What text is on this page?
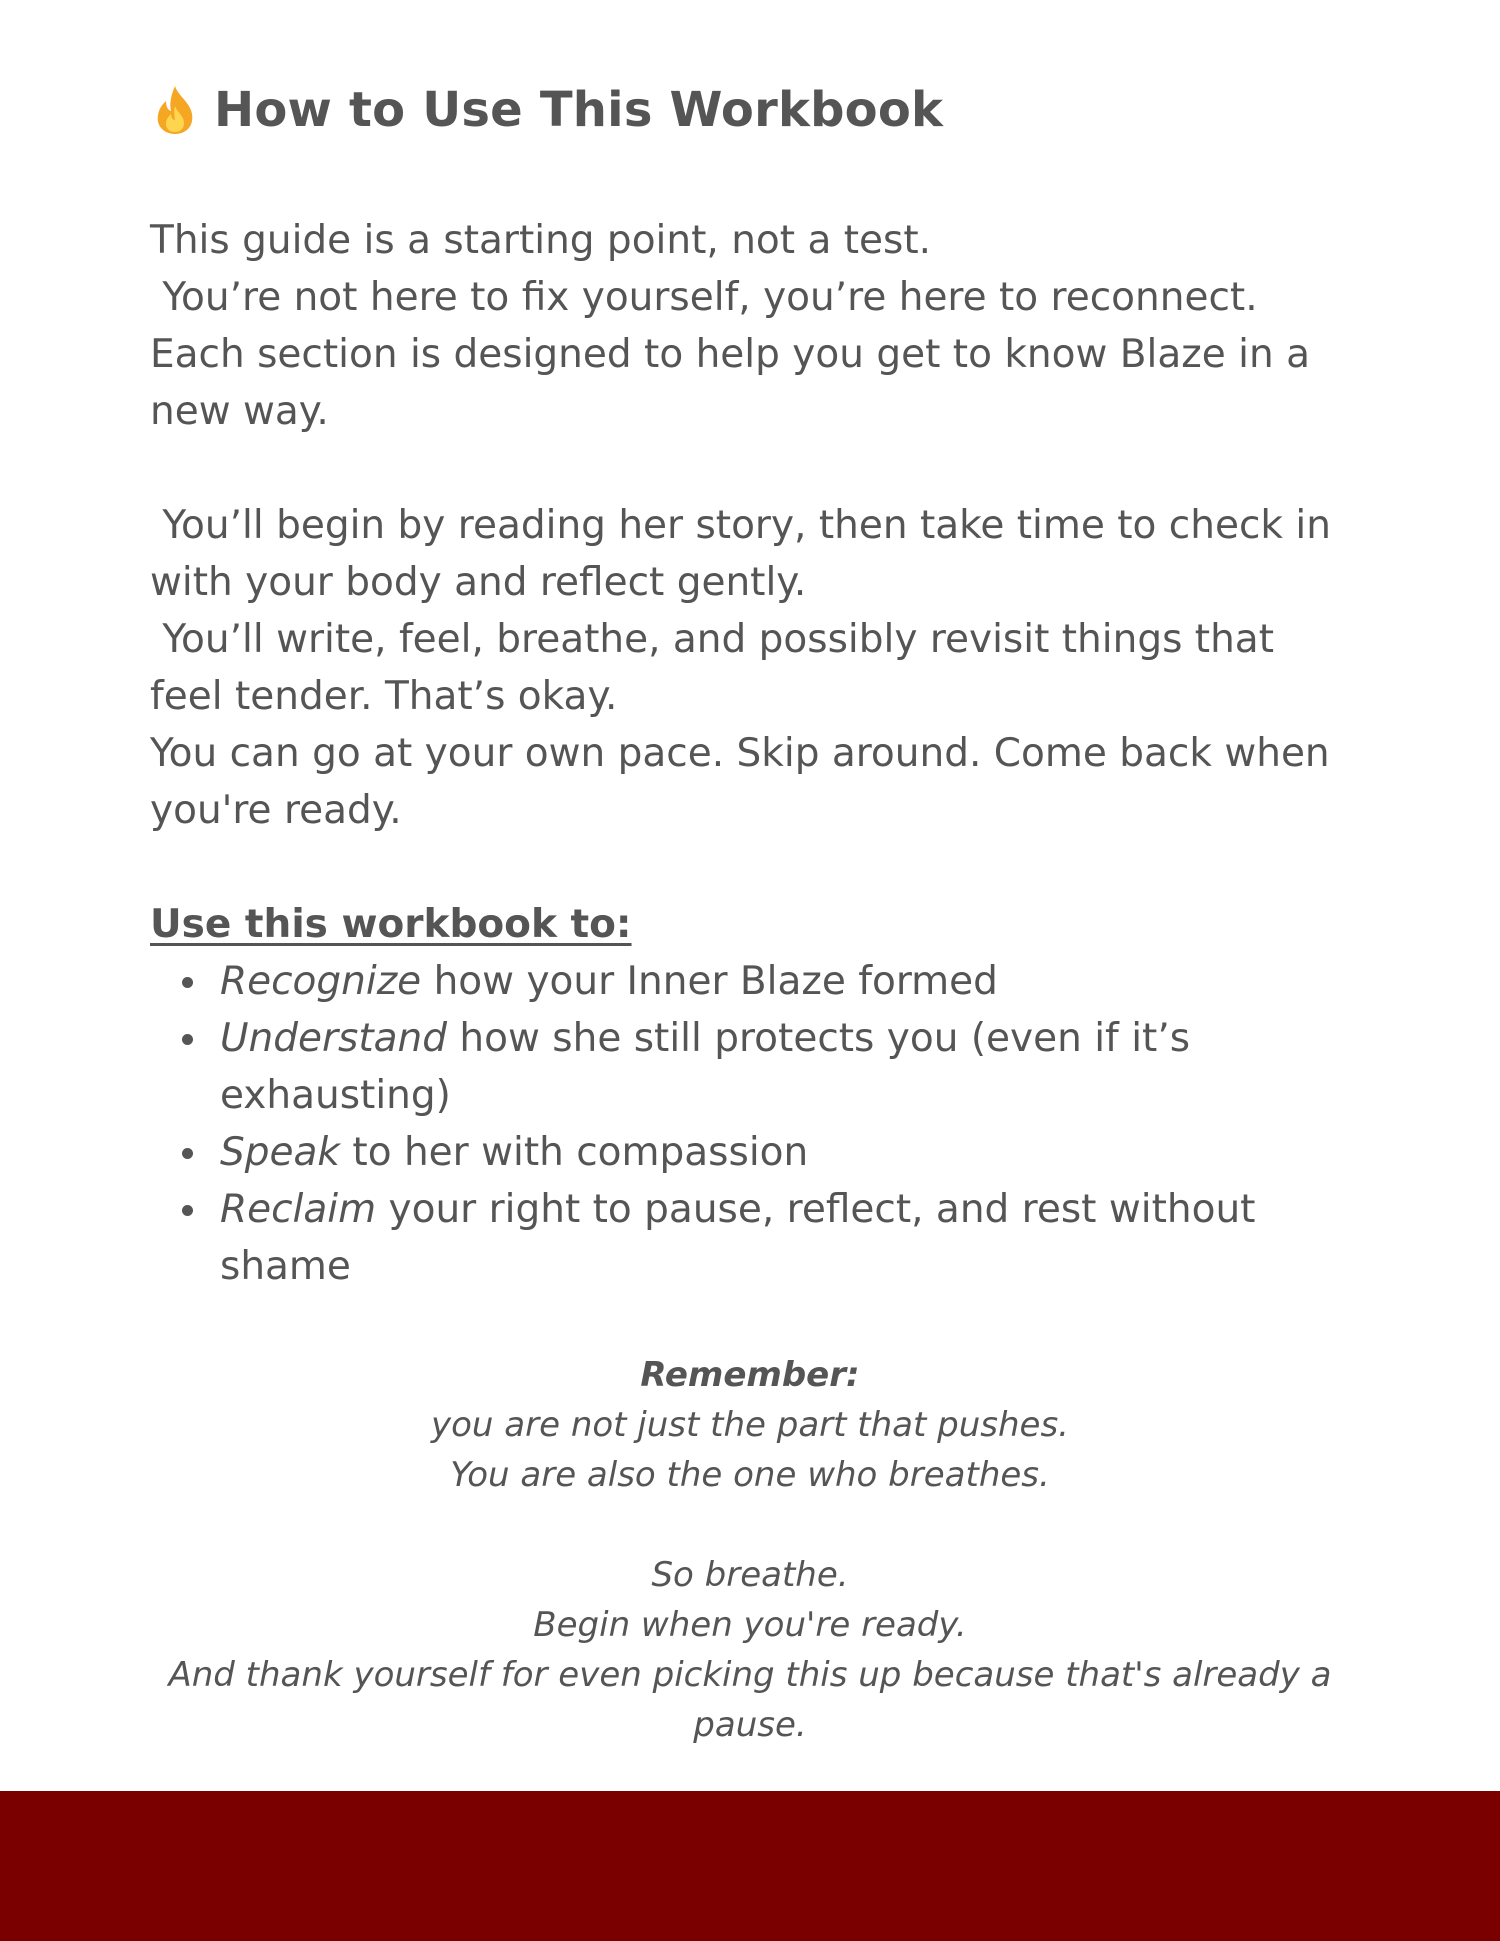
How to Use This Workbook

This guide is a starting point, not a test.

You’re not here to fix yourself, you’re here to reconnect.

Each section is designed to help you get to know Blaze in a new way.

You’ll begin by reading her story, then take time to check in with your body and reflect gently.

You’ll write, feel, breathe, and possibly revisit things that feel tender. That’s okay.

You can go at your own pace. Skip around. Come back when you're ready.

Use this workbook to:
Recognize how your Inner Blaze formed
Understand how she still protects you (even if it’s exhausting)
Speak to her with compassion
Reclaim your right to pause, reflect, and rest without shame

Remember:

you are not just the part that pushes.

You are also the one who breathes.

So breathe.

Begin when you're ready.

And thank yourself for even picking this up because that's already a pause.
